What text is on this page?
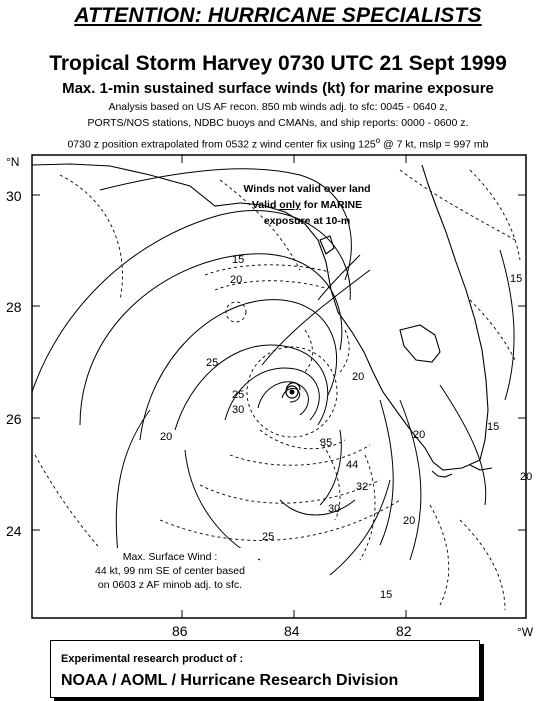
ATTENTION: HURRICANE SPECIALISTS
Tropical Storm Harvey 0730 UTC 21 Sept 1999
Max. 1-min sustained surface winds (kt) for marine exposure
Analysis based on US AF recon. 850 mb winds adj. to sfc: 0045 - 0640 z,
PORTS/NOS stations, NDBC buoys and CMANs, and ship reports: 0000 - 0600 z.
0730 z position extrapolated from 0532 z wind center fix using 125$^o$ @ 7 kt, mslp = 997 mb
°N
30
28
26
24
86	84	82	°W
15
20	15
15
20
25
25
20
20
20
30
35
44
32
30
25
20
15
Winds not valid over land
Valid only for MARINE
exposure at 10-m
Max. Surface Wind :
44 kt, 99 nm SE of center based
on 0603 z AF minob adj. to sfc.
Experimental research product of :
NOAA / AOML / Hurricane Research Division
